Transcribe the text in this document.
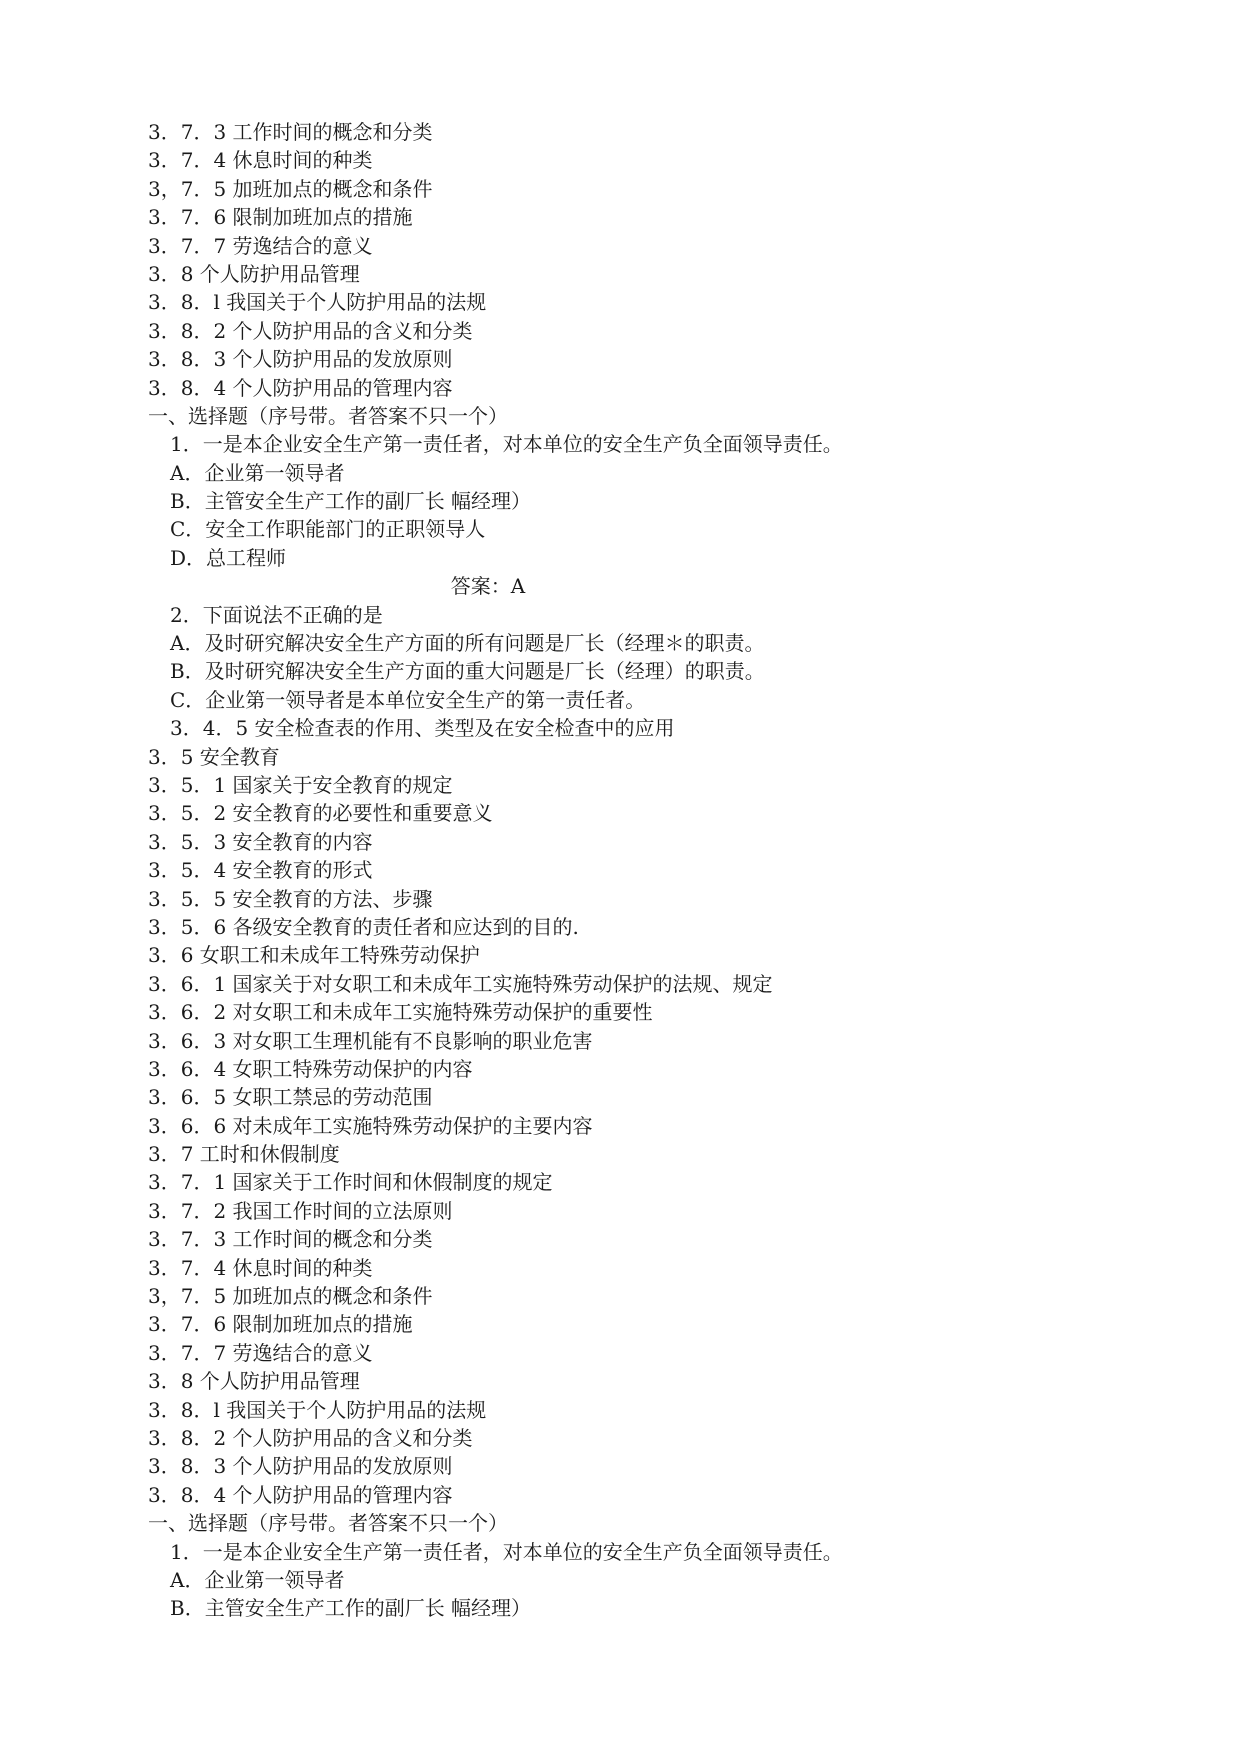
3．7．3 工作时间的概念和分类
3．7．4 休息时间的种类
3，7．5 加班加点的概念和条件
3．7．6 限制加班加点的措施
3．7．7 劳逸结合的意义
3．8 个人防护用品管理
3．8．l 我国关于个人防护用品的法规
3．8．2 个人防护用品的含义和分类
3．8．3 个人防护用品的发放原则
3．8．4 个人防护用品的管理内容
一、选择题（序号带。者答案不只一个）
1．一是本企业安全生产第一责任者，对本单位的安全生产负全面领导责任。
A．企业第一领导者
B．主管安全生产工作的副厂长 幅经理）
C．安全工作职能部门的正职领导人
D．总工程师
答案：A
2．下面说法不正确的是
A．及时研究解决安全生产方面的所有问题是厂长（经理＊的职责。
B．及时研究解决安全生产方面的重大问题是厂长（经理）的职责。
C．企业第一领导者是本单位安全生产的第一责任者。
3．4．5 安全检查表的作用、类型及在安全检查中的应用
3．5 安全教育
3．5．1 国家关于安全教育的规定
3．5．2 安全教育的必要性和重要意义
3．5．3 安全教育的内容
3．5．4 安全教育的形式
3．5．5 安全教育的方法、步骤
3．5．6 各级安全教育的责任者和应达到的目的.
3．6 女职工和未成年工特殊劳动保护
3．6．1 国家关于对女职工和未成年工实施特殊劳动保护的法规、规定
3．6．2 对女职工和未成年工实施特殊劳动保护的重要性
3．6．3 对女职工生理机能有不良影响的职业危害
3．6．4 女职工特殊劳动保护的内容
3．6．5 女职工禁忌的劳动范围
3．6．6 对未成年工实施特殊劳动保护的主要内容
3．7 工时和休假制度
3．7．1 国家关于工作时间和休假制度的规定
3．7．2 我国工作时间的立法原则
3．7．3 工作时间的概念和分类
3．7．4 休息时间的种类
3，7．5 加班加点的概念和条件
3．7．6 限制加班加点的措施
3．7．7 劳逸结合的意义
3．8 个人防护用品管理
3．8．l 我国关于个人防护用品的法规
3．8．2 个人防护用品的含义和分类
3．8．3 个人防护用品的发放原则
3．8．4 个人防护用品的管理内容
一、选择题（序号带。者答案不只一个）
1．一是本企业安全生产第一责任者，对本单位的安全生产负全面领导责任。
A．企业第一领导者
B．主管安全生产工作的副厂长 幅经理）
